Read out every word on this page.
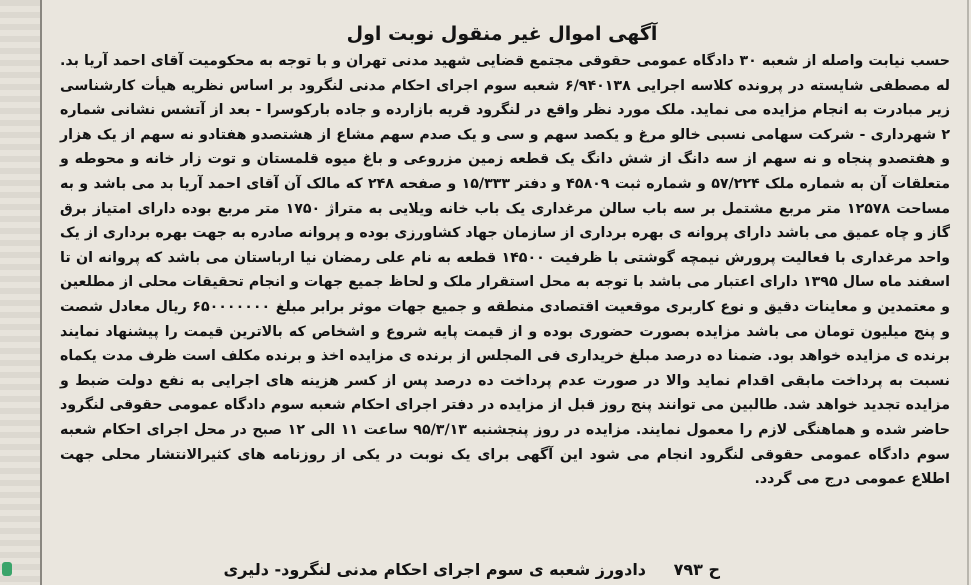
آگهی اموال غیر منقول نوبت اول

حسب نیابت واصله از شعبه ۳۰ دادگاه عمومی حقوقی مجتمع قضایی شهید مدنی تهران و با توجه به محکومیت آقای احمد آریا بد. له مصطفی شایسته در پرونده کلاسه اجرایی ۶/۹۴۰۱۳۸ شعبه سوم اجرای احکام مدنی لنگرود بر اساس نظریه هیأت کارشناسی زیر مبادرت به انجام مزایده می نماید. ملک مورد نظر واقع در لنگرود قریه بازارده و جاده بارکوسرا - بعد از آتشس نشانی شماره ۲ شهرداری - شرکت سهامی نسبی خالو مرغ و یکصد سهم و سی و یک صدم سهم مشاع از هشتصدو هفتادو نه سهم از یک هزار و هفتصدو پنجاه و نه سهم از سه دانگ از شش دانگ یک قطعه زمین مزروعی و باغ میوه قلمستان و توت زار خانه و محوطه و متعلقات آن به شماره ملک ۵۷/۲۲۴ و شماره ثبت ۴۵۸۰۹ و دفتر ۱۵/۳۳۳ و صفحه ۲۴۸ که مالک آن آقای احمد آریا بد می باشد و به مساحت ۱۲۵۷۸ متر مربع مشتمل بر سه باب سالن مرغداری یک باب خانه ویلایی به متراژ ۱۷۵۰ متر مربع بوده دارای امتیاز برق گاز و چاه عمیق می باشد دارای پروانه ی بهره برداری از سازمان جهاد کشاورزی بوده و پروانه صادره به جهت بهره برداری از یک واحد مرغداری با فعالیت پرورش نیمچه گوشتی با ظرفیت ۱۴۵۰۰ قطعه به نام علی رمضان نیا ارباستان می باشد که پروانه ان تا اسفند ماه سال ۱۳۹۵ دارای اعتبار می باشد با توجه به محل استقرار ملک و لحاظ جمیع جهات و انجام تحقیقات محلی از مطلعین و معتمدین و معاینات دقیق و نوع کاربری موقعیت اقتصادی منطقه و جمیع جهات موثر برابر مبلغ ۶۵۰۰۰۰۰۰۰ ریال معادل شصت و پنج میلیون تومان می باشد مزایده بصورت حضوری بوده و از قیمت پایه شروع و اشخاص که بالاترین قیمت را پیشنهاد نمایند برنده ی مزایده خواهد بود. ضمنا ده درصد مبلغ خریداری فی المجلس از برنده ی مزایده اخذ و برنده مکلف است ظرف مدت یکماه نسبت به پرداخت مابقی اقدام نماید والا در صورت عدم پرداخت ده درصد پس از کسر هزینه های اجرایی به نفع دولت ضبط و مزایده تجدید خواهد شد. طالبین می توانند پنج روز قبل از مزایده در دفتر اجرای احکام شعبه سوم دادگاه عمومی حقوقی لنگرود حاضر شده و هماهنگی لازم را معمول نمایند. مزایده در روز پنجشنبه ۹۵/۳/۱۳ ساعت ۱۱ الی ۱۲ صبح در محل اجرای احکام شعبه سوم دادگاه عمومی حقوقی لنگرود انجام می شود این آگهی برای یک نوبت در یکی از روزنامه های کثیرالانتشار محلی جهت اطلاع عمومی درج می گردد.

ح ۷۹۳ دادورز شعبه ی سوم اجرای احکام مدنی لنگرود- دلیری
